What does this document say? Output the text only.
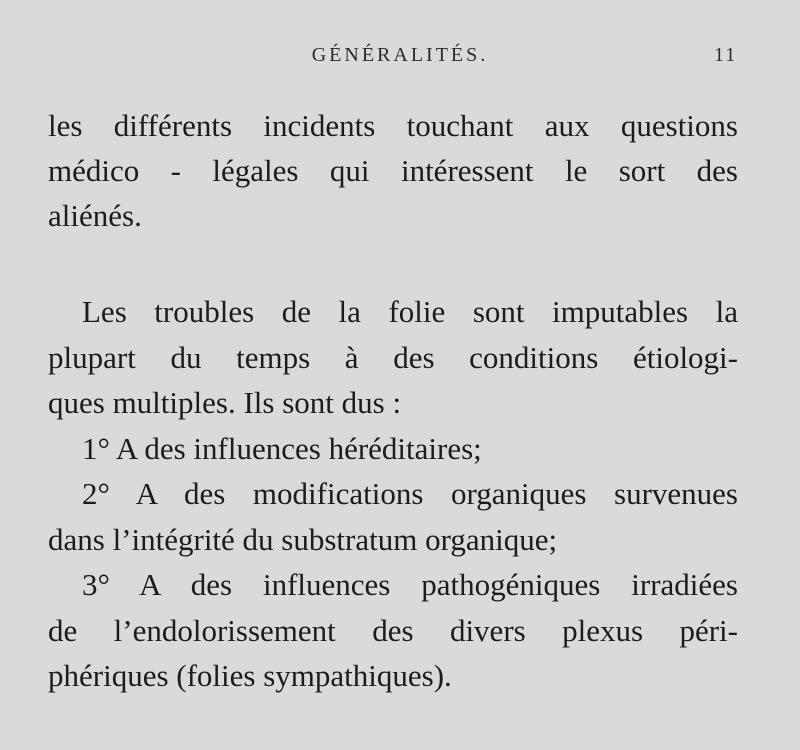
GÉNÉRALITÉS.	11
les différents incidents touchant aux questions
médico - légales qui intéressent le sort des
aliénés.
Les troubles de la folie sont imputables la
plupart du temps à des conditions étiologi-
ques multiples. Ils sont dus :
1° A des influences héréditaires;
2° A des modifications organiques survenues
dans l’intégrité du substratum organique;
3° A des influences pathogéniques irradiées
de l’endolorissement des divers plexus péri-
phériques (folies sympathiques).
